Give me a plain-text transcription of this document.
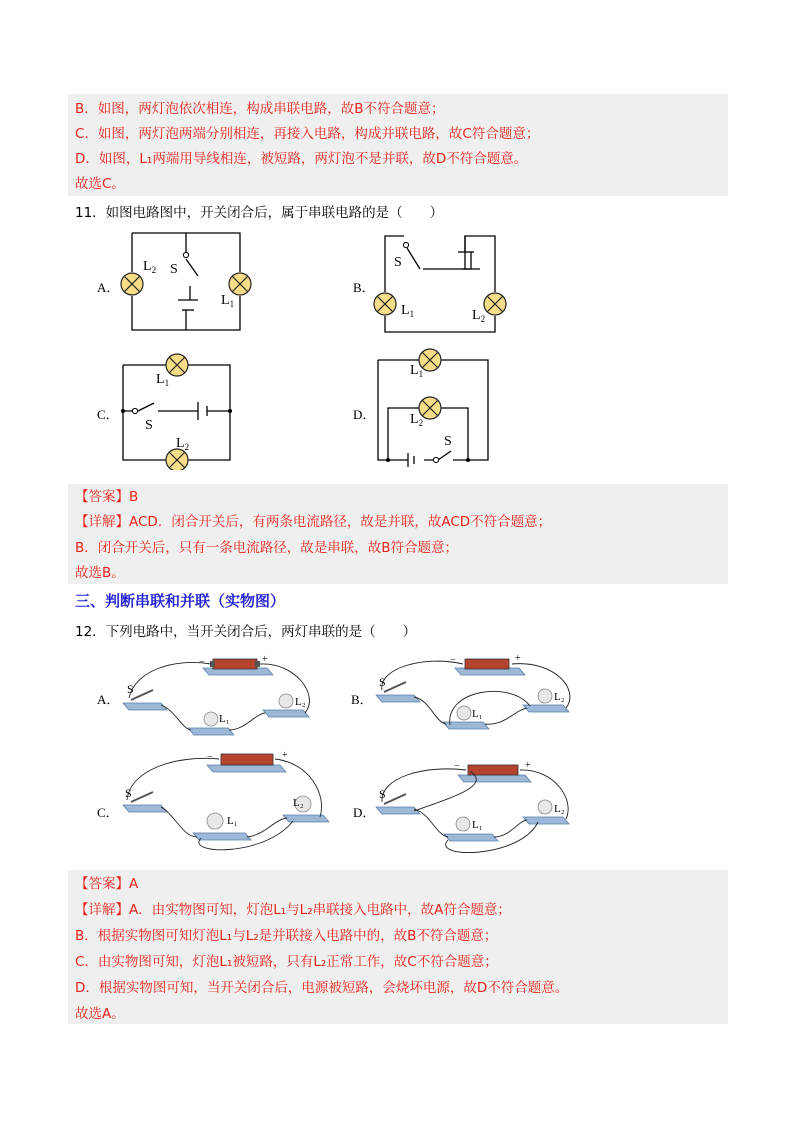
B．如图，两灯泡依次相连，构成串联电路，故B不符合题意；
C．如图，两灯泡两端分别相连，再接入电路，构成并联电路，故C符合题意；
D．如图，L₁两端用导线相连，被短路，两灯泡不是并联，故D不符合题意。
故选C。
11．如图电路图中，开关闭合后，属于串联电路的是（　　）
A．	B．
C．	D．
$L_2$ S
$L_1$
S
$L_1$	$L_2$
$L_1$
S
$L_2$
$L_1$
$L_2$
S
【答案】B
【详解】ACD．闭合开关后，有两条电流路径，故是并联，故ACD不符合题意；
B．闭合开关后，只有一条电流路径，故是串联，故B符合题意；
故选B。
三、判断串联和并联（实物图）
12．下列电路中，当开关闭合后，两灯串联的是（　　）
A．	B．
C．	D．
−	+
S
L₁
L₂
−	+
S
L₁
L₂
−	+
S
L₁
L₂
−	+
S
L₁
L₂
【答案】A
【详解】A．由实物图可知，灯泡L₁与L₂串联接入电路中，故A符合题意；
B．根据实物图可知灯泡L₁与L₂是并联接入电路中的，故B不符合题意；
C．由实物图可知，灯泡L₁被短路，只有L₂正常工作，故C不符合题意；
D．根据实物图可知，当开关闭合后，电源被短路，会烧坏电源，故D不符合题意。
故选A。
